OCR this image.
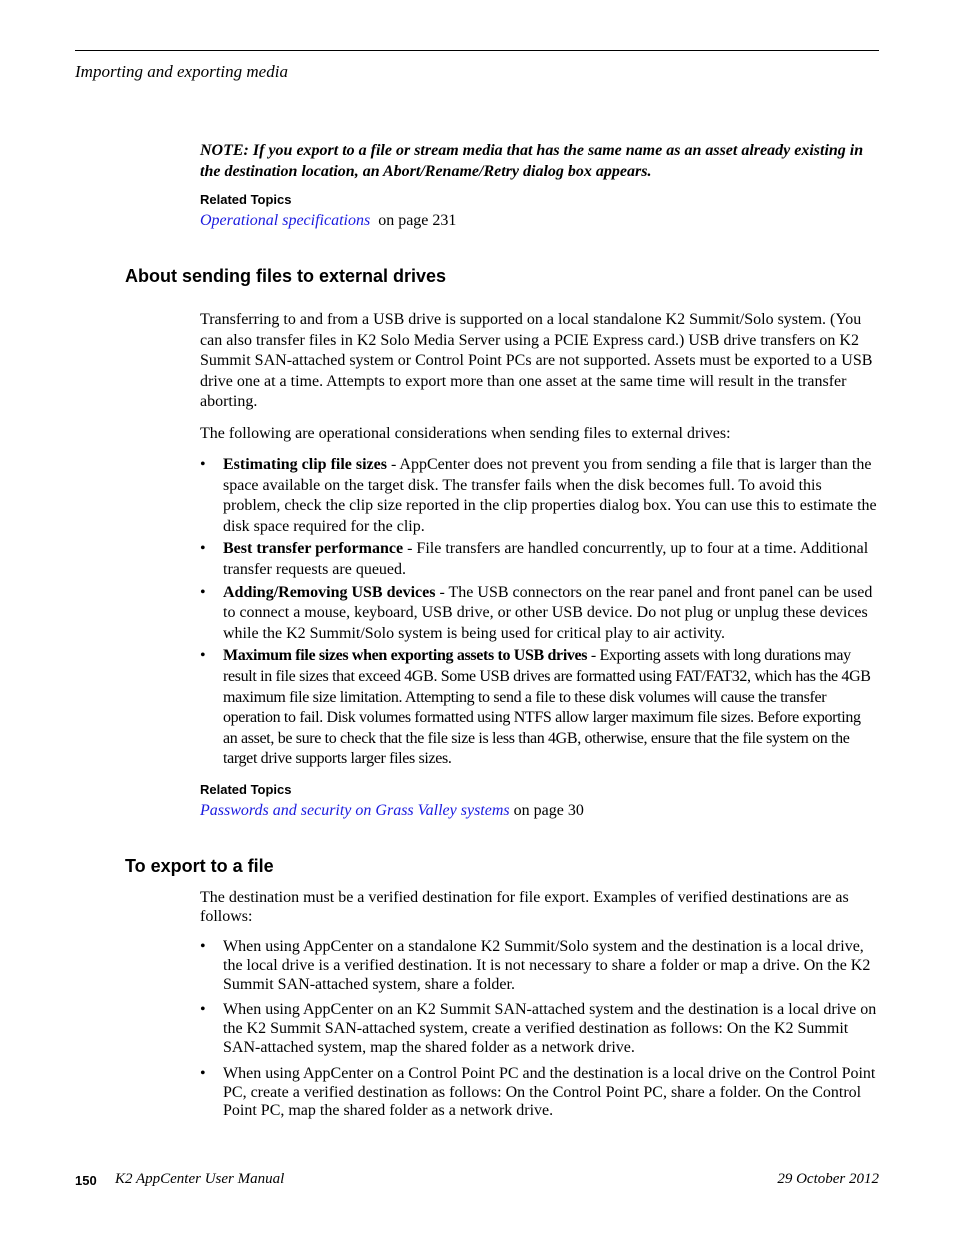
Importing and exporting media
NOTE: If you export to a file or stream media that has the same name as an asset already existing in the destination location, an Abort/Rename/Retry dialog box appears.
Related Topics
Operational specifications on page 231
About sending files to external drives
Transferring to and from a USB drive is supported on a local standalone K2 Summit/Solo system. (You can also transfer files in K2 Solo Media Server using a PCIE Express card.) USB drive transfers on K2 Summit SAN-attached system or Control Point PCs are not supported. Assets must be exported to a USB drive one at a time. Attempts to export more than one asset at the same time will result in the transfer aborting.
The following are operational considerations when sending files to external drives:
• Estimating clip file sizes - AppCenter does not prevent you from sending a file that is larger than the space available on the target disk. The transfer fails when the disk becomes full. To avoid this problem, check the clip size reported in the clip properties dialog box. You can use this to estimate the disk space required for the clip.
• Best transfer performance - File transfers are handled concurrently, up to four at a time. Additional transfer requests are queued.
• Adding/Removing USB devices - The USB connectors on the rear panel and front panel can be used to connect a mouse, keyboard, USB drive, or other USB device. Do not plug or unplug these devices while the K2 Summit/Solo system is being used for critical play to air activity.
• Maximum file sizes when exporting assets to USB drives - Exporting assets with long durations may result in file sizes that exceed 4GB. Some USB drives are formatted using FAT/FAT32, which has the 4GB maximum file size limitation. Attempting to send a file to these disk volumes will cause the transfer operation to fail. Disk volumes formatted using NTFS allow larger maximum file sizes. Before exporting an asset, be sure to check that the file size is less than 4GB, otherwise, ensure that the file system on the target drive supports larger files sizes.
Related Topics
Passwords and security on Grass Valley systems on page 30
To export to a file
The destination must be a verified destination for file export. Examples of verified destinations are as follows:
• When using AppCenter on a standalone K2 Summit/Solo system and the destination is a local drive, the local drive is a verified destination. It is not necessary to share a folder or map a drive. On the K2 Summit SAN-attached system, share a folder.
• When using AppCenter on an K2 Summit SAN-attached system and the destination is a local drive on the K2 Summit SAN-attached system, create a verified destination as follows: On the K2 Summit SAN-attached system, map the shared folder as a network drive.
• When using AppCenter on a Control Point PC and the destination is a local drive on the Control Point PC, create a verified destination as follows: On the Control Point PC, share a folder. On the Control Point PC, map the shared folder as a network drive.
150 K2 AppCenter User Manual	29 October 2012
